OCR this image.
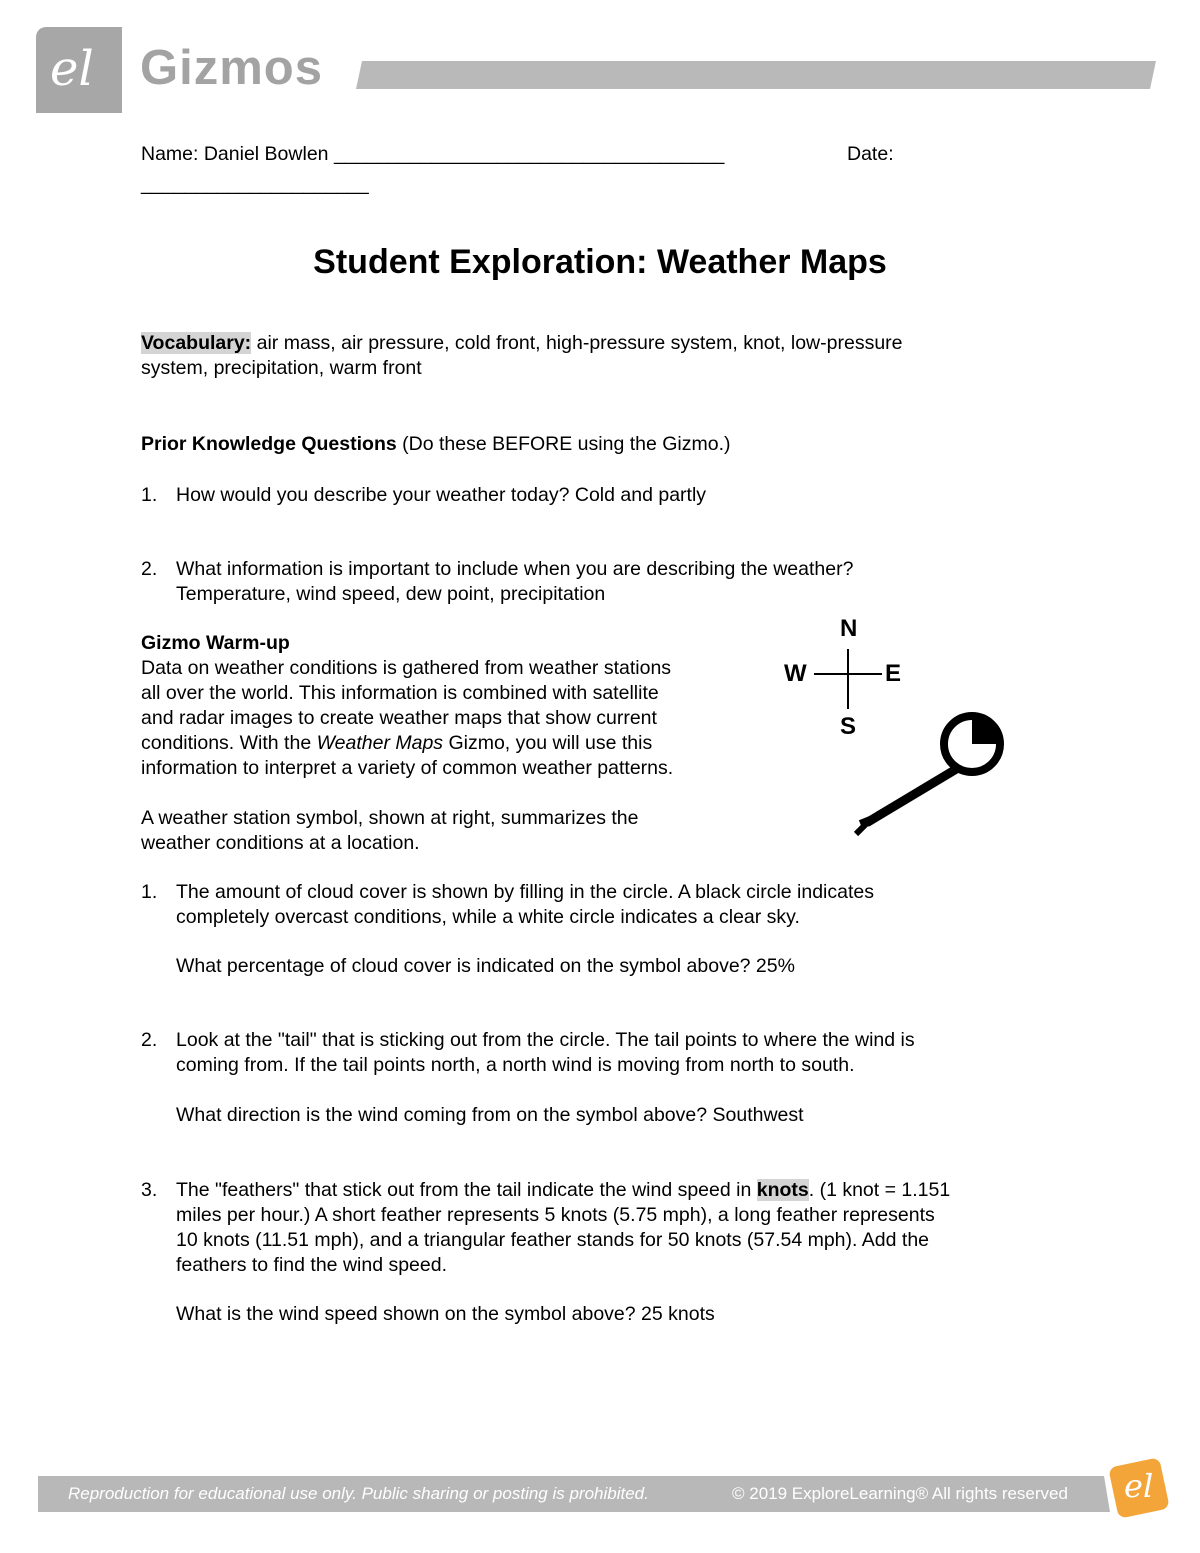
el Gizmos
Name: Daniel Bowlen ____________________________________	Date:
_____________________
Student Exploration: Weather Maps
Vocabulary: air mass, air pressure, cold front, high-pressure system, knot, low-pressure
system, precipitation, warm front
Prior Knowledge Questions (Do these BEFORE using the Gizmo.)
1. How would you describe your weather today? Cold and partly
2. What information is important to include when you are describing the weather?
Temperature, wind speed, dew point, precipitation
Gizmo Warm-up
Data on weather conditions is gathered from weather stations
all over the world. This information is combined with satellite
and radar images to create weather maps that show current
conditions. With the Weather Maps Gizmo, you will use this
information to interpret a variety of common weather patterns.
A weather station symbol, shown at right, summarizes the
weather conditions at a location.
N
E
S
W
1. The amount of cloud cover is shown by filling in the circle. A black circle indicates
completely overcast conditions, while a white circle indicates a clear sky.
What percentage of cloud cover is indicated on the symbol above? 25%
2. Look at the "tail" that is sticking out from the circle. The tail points to where the wind is
coming from. If the tail points north, a north wind is moving from north to south.
What direction is the wind coming from on the symbol above? Southwest
3. The "feathers" that stick out from the tail indicate the wind speed in knots. (1 knot = 1.151
miles per hour.) A short feather represents 5 knots (5.75 mph), a long feather represents
10 knots (11.51 mph), and a triangular feather stands for 50 knots (57.54 mph). Add the
feathers to find the wind speed.
What is the wind speed shown on the symbol above? 25 knots
Reproduction for educational use only. Public sharing or posting is prohibited.	© 2019 ExploreLearning® All rights reserved el
